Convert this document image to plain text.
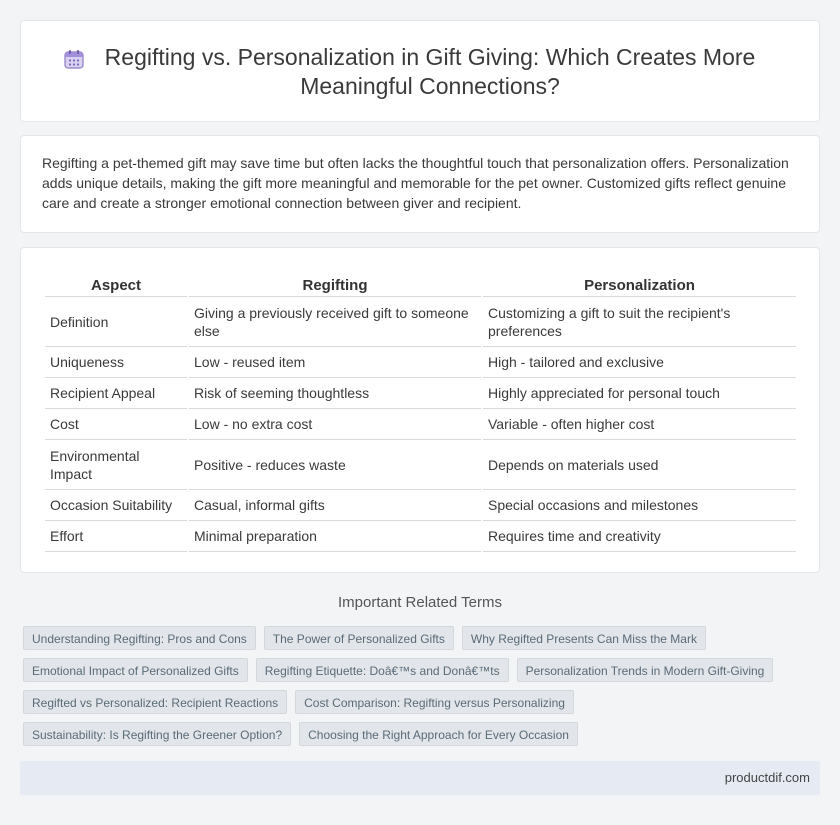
Regifting vs. Personalization in Gift Giving: Which Creates More Meaningful Connections?

Regifting a pet-themed gift may save time but often lacks the thoughtful touch that personalization offers. Personalization adds unique details, making the gift more meaningful and memorable for the pet owner. Customized gifts reflect genuine care and create a stronger emotional connection between giver and recipient.

Aspect	Regifting	Personalization
Definition	Giving a previously received gift to someone else	Customizing a gift to suit the recipient's preferences
Uniqueness	Low - reused item	High - tailored and exclusive
Recipient Appeal	Risk of seeming thoughtless	Highly appreciated for personal touch
Cost	Low - no extra cost	Variable - often higher cost
Environmental Impact	Positive - reduces waste	Depends on materials used
Occasion Suitability	Casual, informal gifts	Special occasions and milestones
Effort	Minimal preparation	Requires time and creativity
Important Related Terms
Understanding Regifting: Pros and Cons	The Power of Personalized Gifts	Why Regifted Presents Can Miss the Mark
Emotional Impact of Personalized Gifts	Regifting Etiquette: Doâ€™s and Donâ€™ts	Personalization Trends in Modern Gift-Giving
Regifted vs Personalized: Recipient Reactions	Cost Comparison: Regifting versus Personalizing
Sustainability: Is Regifting the Greener Option?	Choosing the Right Approach for Every Occasion
productdif.com
